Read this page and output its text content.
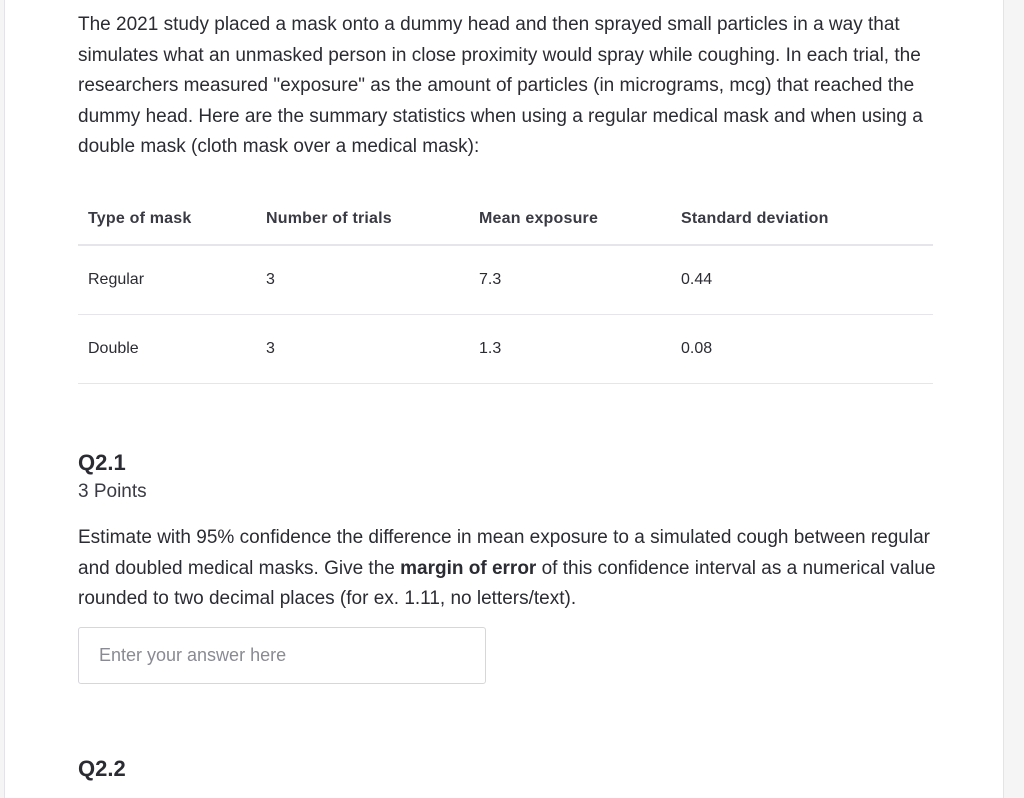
The 2021 study placed a mask onto a dummy head and then sprayed small particles in a way that simulates what an unmasked person in close proximity would spray while coughing. In each trial, the researchers measured "exposure" as the amount of particles (in micrograms, mcg) that reached the dummy head. Here are the summary statistics when using a regular medical mask and when using a double mask (cloth mask over a medical mask):

Type of mask	Number of trials	Mean exposure	Standard deviation
Regular	3	7.3	0.44
Double	3	1.3	0.08
Q2.1
3 Points

Estimate with 95% confidence the difference in mean exposure to a simulated cough between regular and doubled medical masks. Give the margin of error of this confidence interval as a numerical value rounded to two decimal places (for ex. 1.11, no letters/text).

Enter your answer here
Q2.2
